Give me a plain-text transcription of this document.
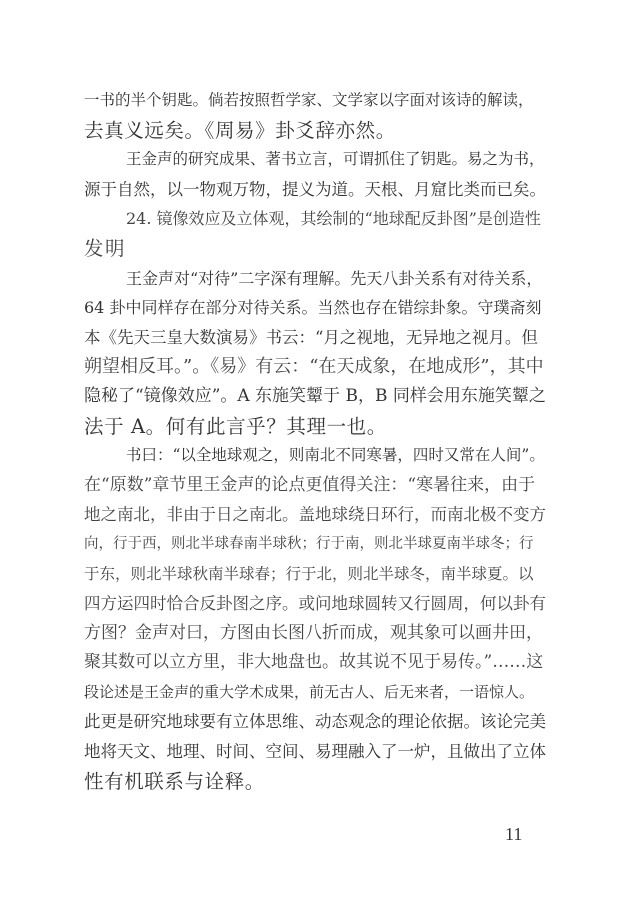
一书的半个钥匙。倘若按照哲学家、文学家以字面对该诗的解读，
去真义远矣。《周易》卦爻辞亦然。
王金声的研究成果、著书立言，可谓抓住了钥匙。易之为书，
源于自然，以一物观万物，提义为道。天根、月窟比类而已矣。
24. 镜像效应及立体观，其绘制的“地球配反卦图”是创造性
发明
王金声对“对待”二字深有理解。先天八卦关系有对待关系，
64 卦中同样存在部分对待关系。当然也存在错综卦象。守璞斋刻
本《先天三皇大数演易》书云：“月之视地，无异地之视月。但
朔望相反耳。”。《易》有云：“在天成象，在地成形”，其中
隐秘了“镜像效应”。A 东施笑颦于 B，B 同样会用东施笑颦之
法于 A。何有此言乎？其理一也。
书曰：“以全地球观之，则南北不同寒暑，四时又常在人间”。
在“原数”章节里王金声的论点更值得关注：“寒暑往来，由于
地之南北，非由于日之南北。盖地球绕日环行，而南北极不变方
向，行于西，则北半球春南半球秋；行于南，则北半球夏南半球冬；行
于东，则北半球秋南半球春；行于北，则北半球冬，南半球夏。以
四方运四时恰合反卦图之序。或问地球圆转又行圆周，何以卦有
方图？金声对曰，方图由长图八折而成，观其象可以画井田，
聚其数可以立方里，非大地盘也。故其说不见于易传。”……这
段论述是王金声的重大学术成果，前无古人、后无来者，一语惊人。
此更是研究地球要有立体思维、动态观念的理论依据。该论完美
地将天文、地理、时间、空间、易理融入了一炉，且做出了立体
性有机联系与诠释。
11
